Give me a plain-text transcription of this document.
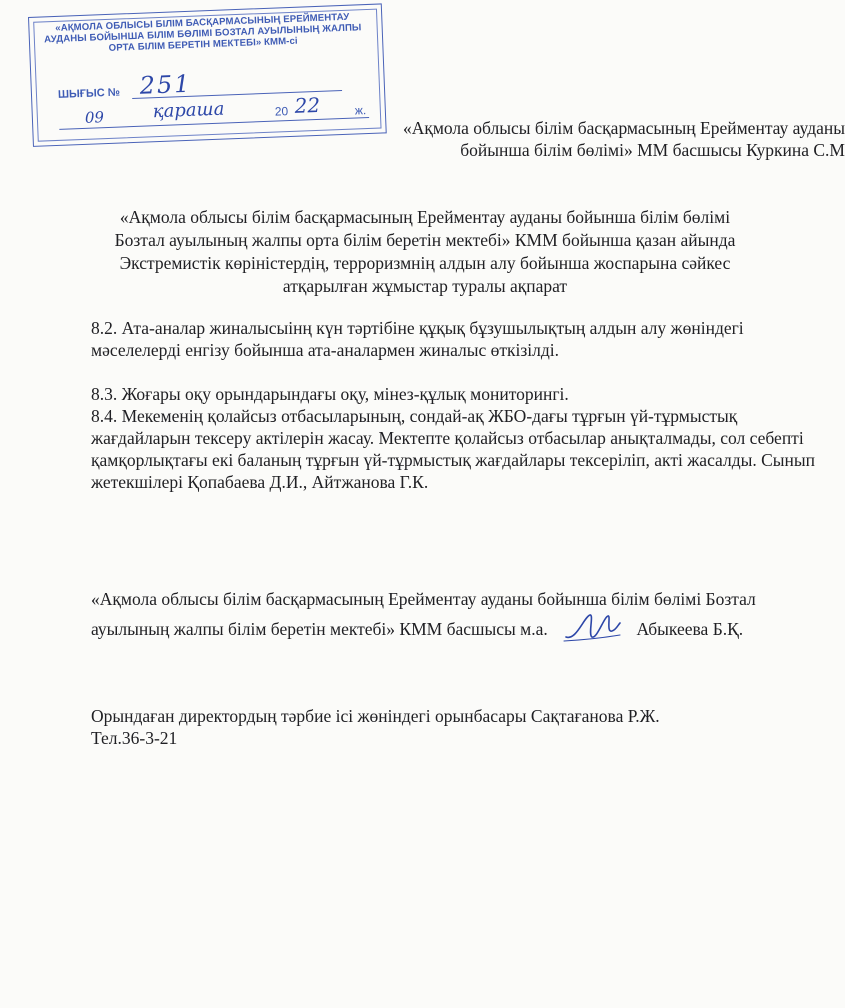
«АҚМОЛА ОБЛЫСЫ БІЛІМ БАСҚАРМАСЫНЫҢ ЕРЕЙМЕНТАУ АУДАНЫ БОЙЫНША БІЛІМ БӨЛІМІ БОЗТАЛ АУЫЛЫНЫҢ ЖАЛПЫ ОРТА БІЛІМ БЕРЕТІН МЕКТЕБІ» КММ-сі
ШЫҒЫС № 251
09	қараша	20 22	ж.
«Ақмола облысы білім басқармасының Ереймeнтау ауданы
бойынша білім бөлімі» ММ басшысы Куркина С.М
«Ақмола облысы білім басқармасының Ерейментау ауданы бойынша білім бөлімі
Бозтал ауылының жалпы орта білім беретін мектебі» КММ бойынша қазан айында
Экстремистік көріністердің, терроризмнің алдын алу бойынша жоспарына сәйкес
атқарылған жұмыстар туралы ақпарат

8.2. Ата-аналар жиналысыінң күн тәртібіне құқық бұзушылықтың алдын алу жөніндегі мәселелерді енгізу бойынша ата-аналармен жиналыс өткізілді.

8.3. Жоғары оқу орындарындағы оқу, мінез-құлық мониторингі.

8.4. Мекеменің қолайсыз отбасыларының, сондай-ақ ЖБО-дағы тұрғын үй-тұрмыстық жағдайларын тексеру актілерін жасау. Мектепте қолайсыз отбасылар анықталмады, сол себепті қамқорлықтағы екі баланың тұрғын үй-тұрмыстық жағдайлары тексеріліп, акті жасалды. Сынып жетекшілері Қопабаева Д.И., Айтжанова Г.К.

«Ақмола облысы білім басқармасының Ерейментау ауданы бойынша білім бөлімі Бозтал
ауылының жалпы білім беретін мектебі» КММ басшысы м.а.	Абыкеева Б.Қ.
Орындаған директордың тәрбие ісі жөніндегі орынбасары Сақтағанова Р.Ж.
Тел.36-3-21
